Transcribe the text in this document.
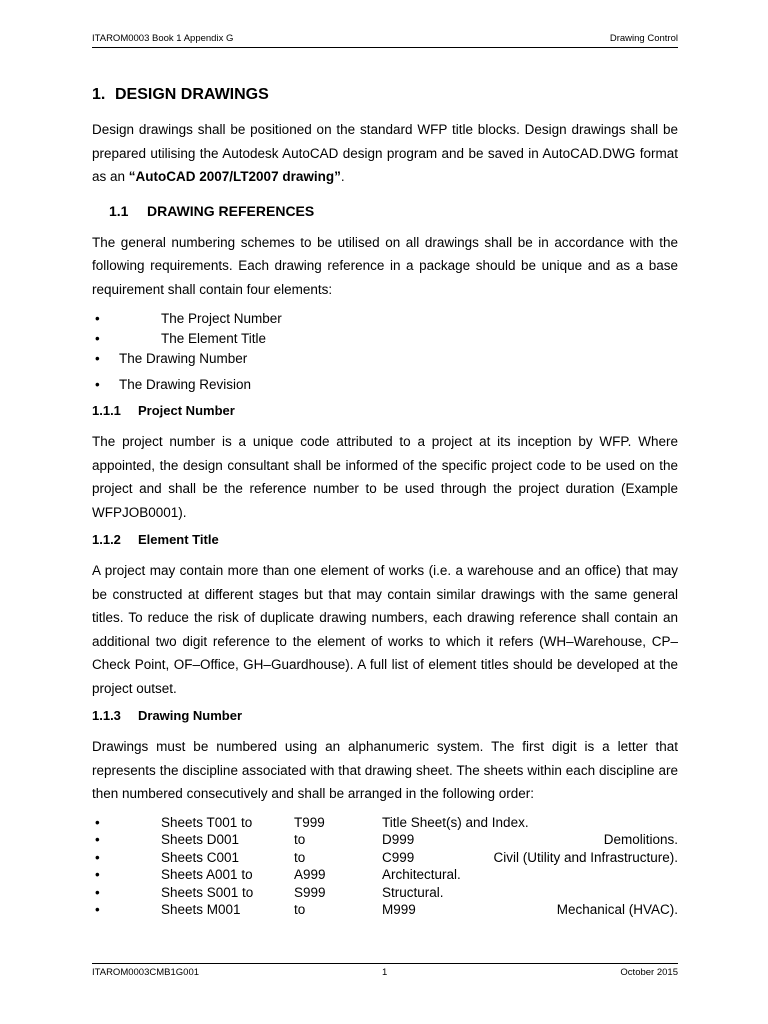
ITAROM0003 Book 1 Appendix G	Drawing Control
1. DESIGN DRAWINGS

Design drawings shall be positioned on the standard WFP title blocks. Design drawings shall be prepared utilising the Autodesk AutoCAD design program and be saved in AutoCAD.DWG format as an “AutoCAD 2007/LT2007 drawing”.

1.1 DRAWING REFERENCES

The general numbering schemes to be utilised on all drawings shall be in accordance with the following requirements. Each drawing reference in a package should be unique and as a base requirement shall contain four elements:

•	The Project Number
•	The Element Title
• The Drawing Number
• The Drawing Revision
1.1.1 Project Number

The project number is a unique code attributed to a project at its inception by WFP. Where appointed, the design consultant shall be informed of the specific project code to be used on the project and shall be the reference number to be used through the project duration (Example WFPJOB0001).

1.1.2 Element Title

A project may contain more than one element of works (i.e. a warehouse and an office) that may be constructed at different stages but that may contain similar drawings with the same general titles. To reduce the risk of duplicate drawing numbers, each drawing reference shall contain an additional two digit reference to the element of works to which it refers (WH–Warehouse, CP–Check Point, OF–Office, GH–Guardhouse). A full list of element titles should be developed at the project outset.

1.1.3 Drawing Number

Drawings must be numbered using an alphanumeric system. The first digit is a letter that represents the discipline associated with that drawing sheet. The sheets within each discipline are then numbered consecutively and shall be arranged in the following order:

•	Sheets T001 to	T999	Title Sheet(s) and Index.
•	Sheets D001	to	D999	Demolitions.
•	Sheets C001	to	C999	Civil (Utility and Infrastructure).
•	Sheets A001 to	A999	Architectural.
•	Sheets S001 to	S999	Structural.
•	Sheets M001	to	M999	Mechanical (HVAC).
ITAROM0003CMB1G001	1	October 2015
